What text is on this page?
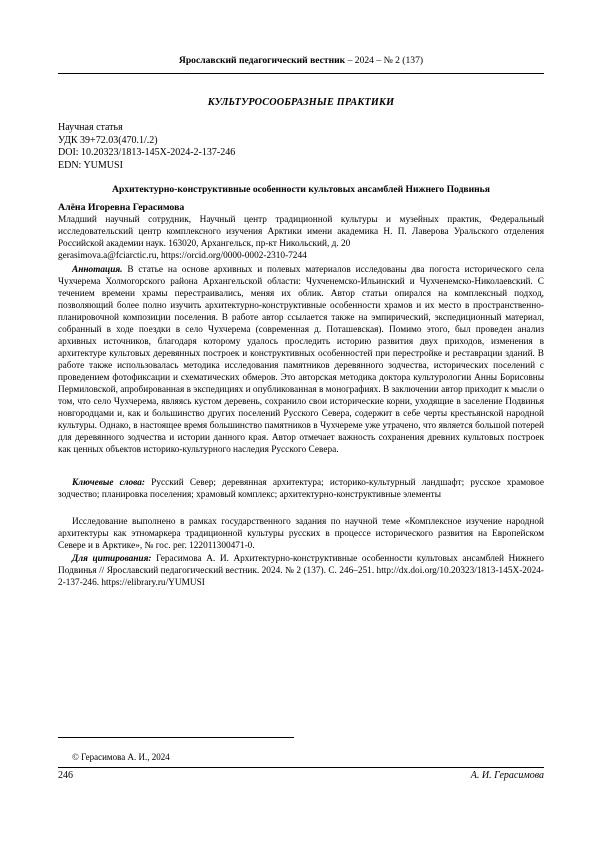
Ярославский педагогический вестник – 2024 – № 2 (137)
КУЛЬТУРОСООБРАЗНЫЕ ПРАКТИКИ
Научная статья
УДК 39+72.03(470.1/.2)
DOI: 10.20323/1813-145X-2024-2-137-246
EDN: YUMUSI
Архитектурно-конструктивные особенности культовых ансамблей Нижнего Подвинья
Алёна Игоревна Герасимова
Младший научный сотрудник, Научный центр традиционной культуры и музейных практик, Федеральный исследовательский центр комплексного изучения Арктики имени академика Н. П. Лаверова Уральского отделения Российской академии наук. 163020, Архангельск, пр-кт Никольский, д. 20
gerasimova.a@fciarctic.ru, https://orcid.org/0000-0002-2310-7244
Аннотация. В статье на основе архивных и полевых материалов исследованы два погоста исторического села Чухчерема Холмогорского района Архангельской области: Чухченемско-Ильинский и Чухченемско-Николаевский. С течением времени храмы перестраивались, меняя их облик. Автор статьи опирался на комплексный подход, позволяющий более полно изучить архитектурно-конструктивные особенности храмов и их место в пространственно-планировочной композиции поселения. В работе автор ссылается также на эмпирический, экспедиционный материал, собранный в ходе поездки в село Чухчерема (современная д. Поташевская). Помимо этого, был проведен анализ архивных источников, благодаря которому удалось проследить историю развития двух приходов, изменения в архитектуре культовых деревянных построек и конструктивных особенностей при перестройке и реставрации зданий. В работе также использовалась методика исследования памятников деревянного зодчества, исторических поселений с проведением фотофиксации и схематических обмеров. Это авторская методика доктора культурологии Анны Борисовны Пермиловской, апробированная в экспедициях и опубликованная в монографиях. В заключении автор приходит к мысли о том, что село Чухчерема, являясь кустом деревень, сохранило свои исторические корни, уходящие в заселение Подвинья новгородцами и, как и большинство других поселений Русского Севера, содержит в себе черты крестьянской народной культуры. Однако, в настоящее время большинство памятников в Чухчереме уже утрачено, что является большой потерей для деревянного зодчества и истории данного края. Автор отмечает важность сохранения древних культовых построек как ценных объектов историко-культурного наследия Русского Севера.
Ключевые слова: Русский Север; деревянная архитектура; историко-культурный ландшафт; русское храмовое зодчество; планировка поселения; храмовый комплекс; архитектурно-конструктивные элементы
Исследование выполнено в рамках государственного задания по научной теме «Комплексное изучение народной архитектуры как этномаркера традиционной культуры русских в процессе исторического развития на Европейском Севере и в Арктике», № гос. рег. 122011300471-0.
Для цитирования: Герасимова А. И. Архитектурно-конструктивные особенности культовых ансамблей Нижнего Подвинья // Ярославский педагогический вестник. 2024. № 2 (137). С. 246–251. http://dx.doi.org/10.20323/1813-145X-2024-2-137-246. https://elibrary.ru/YUMUSI
© Герасимова А. И., 2024
246	А. И. Герасимова
